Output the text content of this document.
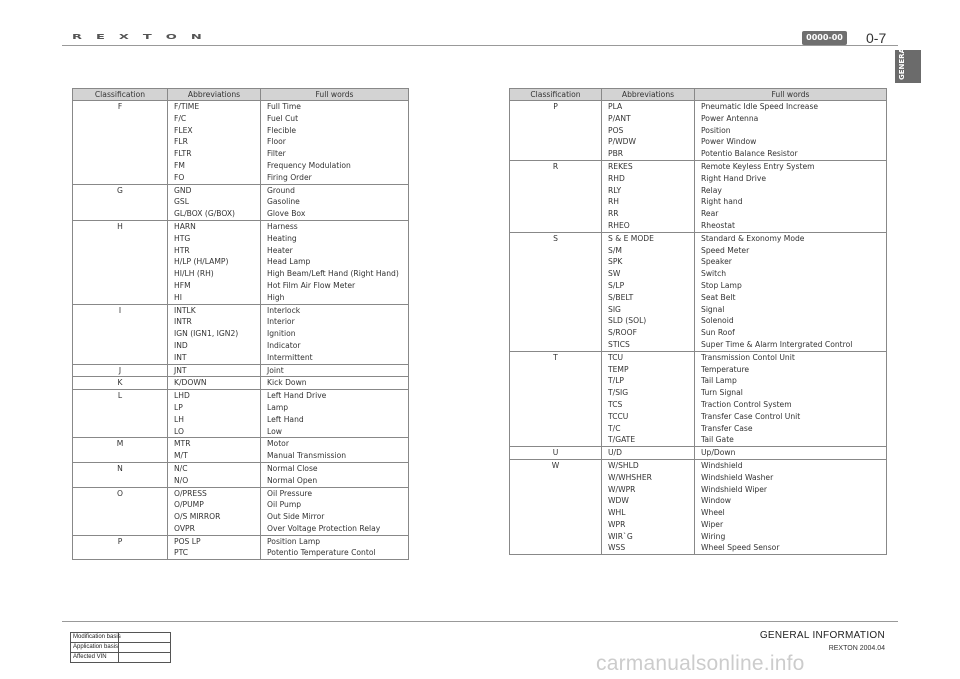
REXTON	0000-00 0-7
GENERAL
Classification	Abbreviations	Full words
F	F/TIME	Full Time
	F/C	Fuel Cut
	FLEX	Flecible
	FLR	Floor
	FLTR	Filter
	FM	Frequency Modulation
	FO	Firing Order
G	GND	Ground
	GSL	Gasoline
	GL/BOX (G/BOX)	Glove Box
H	HARN	Harness
	HTG	Heating
	HTR	Heater
	H/LP (H/LAMP)	Head Lamp
	HI/LH (RH)	High Beam/Left Hand (Right Hand)
	HFM	Hot Film Air Flow Meter
	HI	High
I	INTLK	Interlock
	INTR	Interior
	IGN (IGN1, IGN2)	Ignition
	IND	Indicator
	INT	Intermittent
J	JNT	Joint
K	K/DOWN	Kick Down
L	LHD	Left Hand Drive
	LP	Lamp
	LH	Left Hand
	LO	Low
M	MTR	Motor
	M/T	Manual Transmission
N	N/C	Normal Close
	N/O	Normal Open
O	O/PRESS	Oil Pressure
	O/PUMP	Oil Pump
	O/S MIRROR	Out Side Mirror
	OVPR	Over Voltage Protection Relay
P	POS LP	Position Lamp
	PTC	Potentio Temperature Contol
Classification	Abbreviations	Full words
P	PLA	Pneumatic Idle Speed Increase
	P/ANT	Power Antenna
	POS	Position
	P/WDW	Power Window
	PBR	Potentio Balance Resistor
R	REKES	Remote Keyless Entry System
	RHD	Right Hand Drive
	RLY	Relay
	RH	Right hand
	RR	Rear
	RHEO	Rheostat
S	S & E MODE	Standard & Exonomy Mode
	S/M	Speed Meter
	SPK	Speaker
	SW	Switch
	S/LP	Stop Lamp
	S/BELT	Seat Belt
	SIG	Signal
	SLD (SOL)	Solenoid
	S/ROOF	Sun Roof
	STICS	Super Time & Alarm Intergrated Control
T	TCU	Transmission Contol Unit
	TEMP	Temperature
	T/LP	Tail Lamp
	T/SIG	Turn Signal
	TCS	Traction Control System
	TCCU	Transfer Case Control Unit
	T/C	Transfer Case
	T/GATE	Tail Gate
U	U/D	Up/Down
W	W/SHLD	Windshield
	W/WHSHER	Windshield Washer
	W/WPR	Windshield Wiper
	WDW	Window
	WHL	Wheel
	WPR	Wiper
	WIR`G	Wiring
	WSS	Wheel Speed Sensor
Modification basis	
Application basis	
Affected VIN	
GENERAL INFORMATION
REXTON 2004.04
carmanualsonline.info
